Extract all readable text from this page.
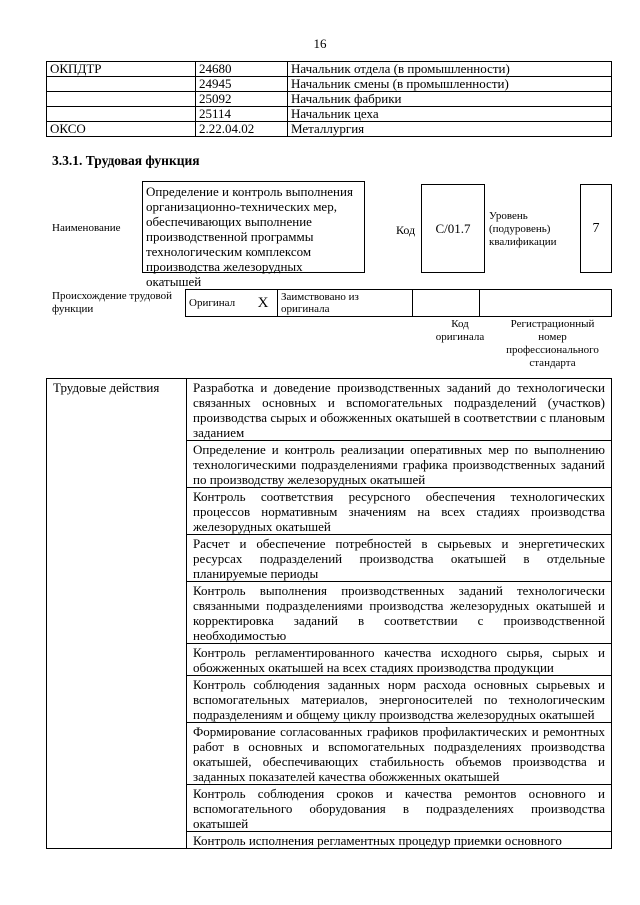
16
ОКПДТР	24680	Начальник отдела (в промышленности)
	24945	Начальник смены (в промышленности)
	25092	Начальник фабрики
	25114	Начальник цеха
ОКСО	2.22.04.02	Металлургия
3.3.1. Трудовая функция
Наименование
Определение и контроль выполнения организационно-технических мер, обеспечивающих выполнение производственной программы технологическим комплексом производства железорудных окатышей
Код	C/01.7
Уровень (подуровень) квалификации
7
Происхождение трудовой функции	Оригинал	X	Заимствовано из оригинала		
Код оригинала
Регистрационный номер профессионального стандарта
Трудовые действия	Разработка и доведение производственных заданий до технологически связанных основных и вспомогательных подразделений (участков) производства сырых и обожженных окатышей в соответствии с плановым заданием
Определение и контроль реализации оперативных мер по выполнению технологическими подразделениями графика производственных заданий по производству железорудных окатышей
Контроль соответствия ресурсного обеспечения технологических процессов нормативным значениям на всех стадиях производства железорудных окатышей
Расчет и обеспечение потребностей в сырьевых и энергетических ресурсах подразделений производства окатышей в отдельные планируемые периоды
Контроль выполнения производственных заданий технологически связанными подразделениями производства железорудных окатышей и корректировка заданий в соответствии с производственной необходимостью
Контроль регламентированного качества исходного сырья, сырых и обожженных окатышей на всех стадиях производства продукции
Контроль соблюдения заданных норм расхода основных сырьевых и вспомогательных материалов, энергоносителей по технологическим подразделениям и общему циклу производства железорудных окатышей
Формирование согласованных графиков профилактических и ремонтных работ в основных и вспомогательных подразделениях производства окатышей, обеспечивающих стабильность объемов производства и заданных показателей качества обожженных окатышей
Контроль соблюдения сроков и качества ремонтов основного и вспомогательного оборудования в подразделениях производства окатышей
Контроль исполнения регламентных процедур приемки основного
